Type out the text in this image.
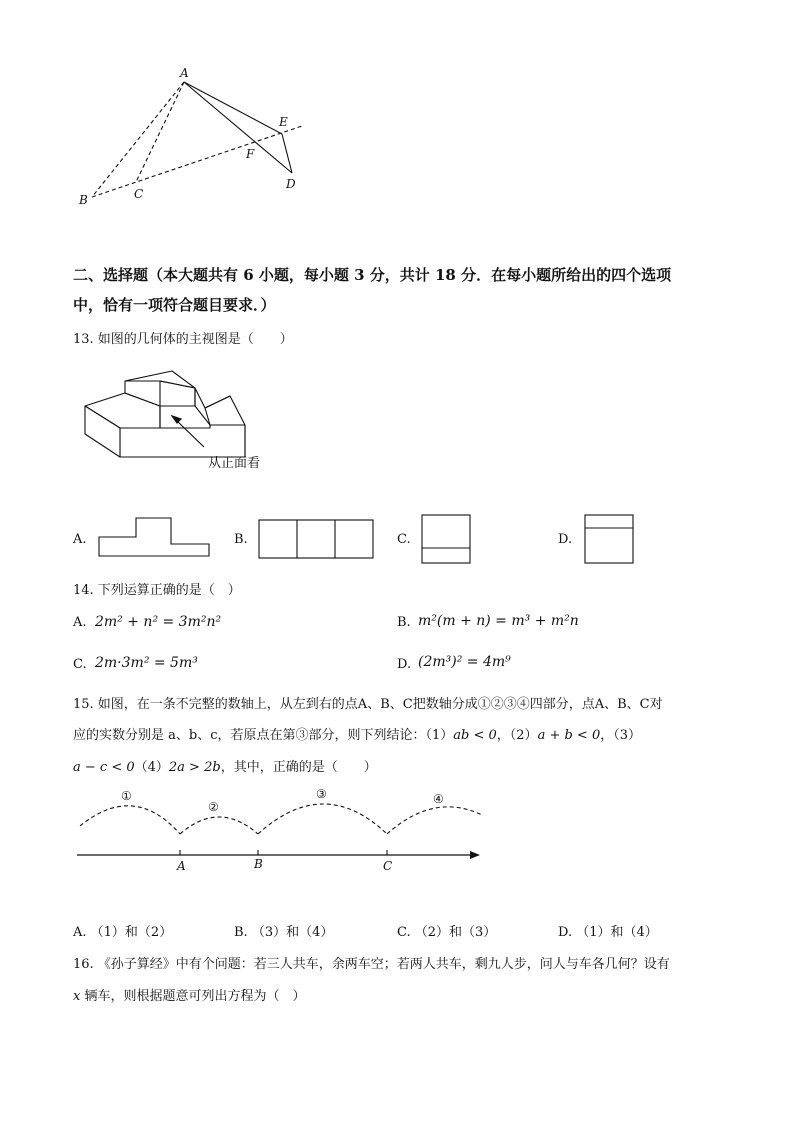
A
B	C
D
E
F
二、选择题（本大题共有 6 小题，每小题 3 分，共计 18 分．在每小题所给出的四个选项
中，恰有一项符合题目要求．）
13. 如图的几何体的主视图是（　　）
从正面看
A.	B.	C.	D.
14. 下列运算正确的是（　）
A. 2m² + n² = 3m²n²	B. m²(m + n) = m³ + m²n
C. 2m·3m² = 5m³	D. (2m³)² = 4m⁹
15. 如图，在一条不完整的数轴上，从左到右的点A、B、C把数轴分成①②③④四部分，点A、B、C对
应的实数分别是 a、b、c，若原点在第③部分，则下列结论：（1）ab < 0，（2）a + b < 0，（3）
a − c < 0（4）2a > 2b，其中，正确的是（　　）
①
②
③	④
A	B	C
A. （1）和（2）	B. （3）和（4）	C. （2）和（3）	D. （1）和（4）
16. 《孙子算经》中有个问题：若三人共车，余两车空；若两人共车，剩九人步，问人与车各几何？设有
x 辆车，则根据题意可列出方程为（　）
